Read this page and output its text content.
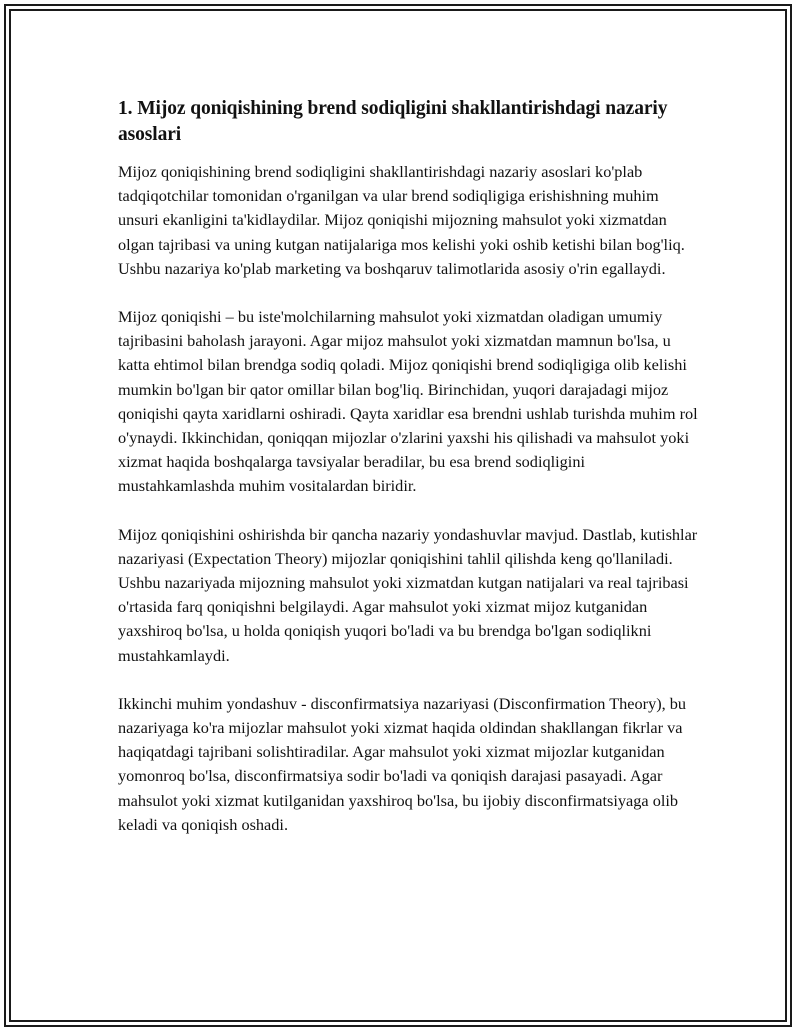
1. Mijoz qoniqishining brend sodiqligini shakllantirishdagi nazariy asoslari

Mijoz qoniqishining brend sodiqligini shakllantirishdagi nazariy asoslari ko'plab tadqiqotchilar tomonidan o'rganilgan va ular brend sodiqligiga erishishning muhim unsuri ekanligini ta'kidlaydilar. Mijoz qoniqishi mijozning mahsulot yoki xizmatdan olgan tajribasi va uning kutgan natijalariga mos kelishi yoki oshib ketishi bilan bog'liq. Ushbu nazariya ko'plab marketing va boshqaruv talimotlarida asosiy o'rin egallaydi.

Mijoz qoniqishi – bu iste'molchilarning mahsulot yoki xizmatdan oladigan umumiy tajribasini baholash jarayoni. Agar mijoz mahsulot yoki xizmatdan mamnun bo'lsa, u katta ehtimol bilan brendga sodiq qoladi. Mijoz qoniqishi brend sodiqligiga olib kelishi mumkin bo'lgan bir qator omillar bilan bog'liq. Birinchidan, yuqori darajadagi mijoz qoniqishi qayta xaridlarni oshiradi. Qayta xaridlar esa brendni ushlab turishda muhim rol o'ynaydi. Ikkinchidan, qoniqqan mijozlar o'zlarini yaxshi his qilishadi va mahsulot yoki xizmat haqida boshqalarga tavsiyalar beradilar, bu esa brend sodiqligini mustahkamlashda muhim vositalardan biridir.

Mijoz qoniqishini oshirishda bir qancha nazariy yondashuvlar mavjud. Dastlab, kutishlar nazariyasi (Expectation Theory) mijozlar qoniqishini tahlil qilishda keng qo'llaniladi. Ushbu nazariyada mijozning mahsulot yoki xizmatdan kutgan natijalari va real tajribasi o'rtasida farq qoniqishni belgilaydi. Agar mahsulot yoki xizmat mijoz kutganidan yaxshiroq bo'lsa, u holda qoniqish yuqori bo'ladi va bu brendga bo'lgan sodiqlikni mustahkamlaydi.

Ikkinchi muhim yondashuv - disconfirmatsiya nazariyasi (Disconfirmation Theory), bu nazariyaga ko'ra mijozlar mahsulot yoki xizmat haqida oldindan shakllangan fikrlar va haqiqatdagi tajribani solishtiradilar. Agar mahsulot yoki xizmat mijozlar kutganidan yomonroq bo'lsa, disconfirmatsiya sodir bo'ladi va qoniqish darajasi pasayadi. Agar mahsulot yoki xizmat kutilganidan yaxshiroq bo'lsa, bu ijobiy disconfirmatsiyaga olib keladi va qoniqish oshadi.
